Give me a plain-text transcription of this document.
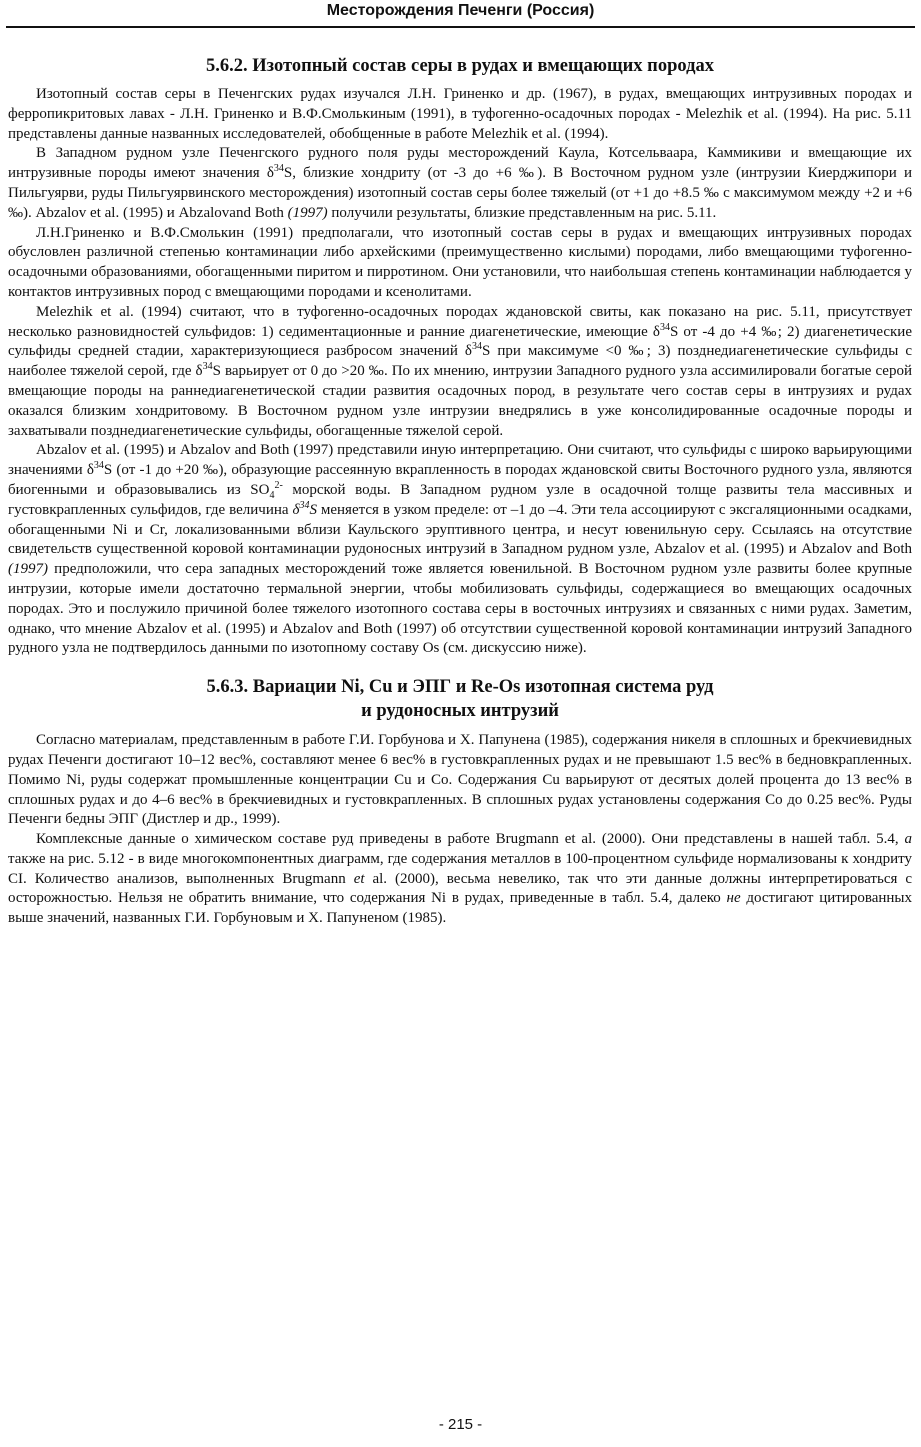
Месторождения Печенги (Россия)
5.6.2. Изотопный состав серы в рудах и вмещающих породах

Изотопный состав серы в Печенгских рудах изучался Л.Н. Гриненко и др. (1967), в рудах, вмещающих интрузивных породах и ферропикритовых лавах - Л.Н. Гриненко и В.Ф.Смолькиным (1991), в туфогенно-осадочных породах - Melezhik et al. (1994). На рис. 5.11 представлены данные названных исследователей, обобщенные в работе Melezhik et al. (1994).

В Западном рудном узле Печенгского рудного поля руды месторождений Каула, Котсельваара, Каммикиви и вмещающие их интрузивные породы имеют значения $\delta^{34}S$, близкие хондриту (от -3 до +6 ‰). В Восточном рудном узле (интрузии Киерджипори и Пильгуярви, руды Пильгуярвинского месторождения) изотопный состав серы более тяжелый (от +1 до +8.5 ‰ с максимумом между +2 и +6 ‰). Abzalov et al. (1995) и Abzalovand Both (1997) получили результаты, близкие представленным на рис. 5.11.

Л.Н.Гриненко и В.Ф.Смолькин (1991) предполагали, что изотопный состав серы в рудах и вмещающих интрузивных породах обусловлен различной степенью контаминации либо архейскими (преимущественно кислыми) породами, либо вмещающими туфогенно-осадочными образованиями, обогащенными пиритом и пирротином. Они установили, что наибольшая степень контаминации наблюдается у контактов интрузивных пород с вмещающими породами и ксенолитами.

Melezhik et al. (1994) считают, что в туфогенно-осадочных породах ждановской свиты, как показано на рис. 5.11, присутствует несколько разновидностей сульфидов: 1) седиментационные и ранние диагенетические, имеющие $\delta^{34}S$ от -4 до +4 ‰; 2) диагенетические сульфиды средней стадии, характеризующиеся разбросом значений $\delta^{34}S$ при максимуме <0 ‰; 3) позднедиагенетические сульфиды с наиболее тяжелой серой, где $\delta^{34}S$ варьирует от 0 до >20 ‰. По их мнению, интрузии Западного рудного узла ассимилировали богатые серой вмещающие породы на раннедиагенетической стадии развития осадочных пород, в результате чего состав серы в интрузиях и рудах оказался близким хондритовому. В Восточном рудном узле интрузии внедрялись в уже консолидированные осадочные породы и захватывали позднедиагенетические сульфиды, обогащенные тяжелой серой.

Abzalov et al. (1995) и Abzalov and Both (1997) представили иную интерпретацию. Они считают, что сульфиды с широко варьирующими значениями $\delta^{34}S$ (от -1 до +20 ‰), образующие рассеянную вкрапленность в породах ждановской свиты Восточного рудного узла, являются биогенными и образовывались из $SO_4^{2-}$ морской воды. В Западном рудном узле в осадочной толще развиты тела массивных и густовкрапленных сульфидов, где величина $\delta^{34}S$ меняется в узком пределе: от –1 до –4. Эти тела ассоциируют с эксгаляционными осадками, обогащенными Ni и Cr, локализованными вблизи Каульского эруптивного центра, и несут ювенильную серу. Ссылаясь на отсутствие свидетельств существенной коровой контаминации рудоносных интрузий в Западном рудном узле, Abzalov et al. (1995) и Abzalov and Both (1997) предположили, что сера западных месторождений тоже является ювенильной. В Восточном рудном узле развиты более крупные интрузии, которые имели достаточно термальной энергии, чтобы мобилизовать сульфиды, содержащиеся во вмещающих осадочных породах. Это и послужило причиной более тяжелого изотопного состава серы в восточных интрузиях и связанных с ними рудах. Заметим, однако, что мнение Abzalov et al. (1995) и Abzalov and Both (1997) об отсутствии существенной коровой контаминации интрузий Западного рудного узла не подтвердилось данными по изотопному составу Os (см. дискуссию ниже).

5.6.3. Вариации Ni, Cu и ЭПГ и Re-Os изотопная система руд
и рудоносных интрузий

Согласно материалам, представленным в работе Г.И. Горбунова и Х. Папунена (1985), содержания никеля в сплошных и брекчиевидных рудах Печенги достигают 10–12 вес%, составляют менее 6 вес% в густовкрапленных рудах и не превышают 1.5 вес% в бедновкрапленных. Помимо Ni, руды содержат промышленные концентрации Cu и Co. Содержания Cu варьируют от десятых долей процента до 13 вес% в сплошных рудах и до 4–6 вес% в брекчиевидных и густовкрапленных. В сплошных рудах установлены содержания Co до 0.25 вес%. Руды Печенги бедны ЭПГ (Дистлер и др., 1999).

Комплексные данные о химическом составе руд приведены в работе Brugmann et al. (2000). Они представлены в нашей табл. 5.4, а также на рис. 5.12 - в виде многокомпонентных диаграмм, где содержания металлов в 100-процентном сульфиде нормализованы к хондриту CI. Количество анализов, выполненных Brugmann et al. (2000), весьма невелико, так что эти данные должны интерпретироваться с осторожностью. Нельзя не обратить внимание, что содержания Ni в рудах, приведенные в табл. 5.4, далеко не достигают цитированных выше значений, названных Г.И. Горбуновым и Х. Папуненом (1985).

- 215 -
